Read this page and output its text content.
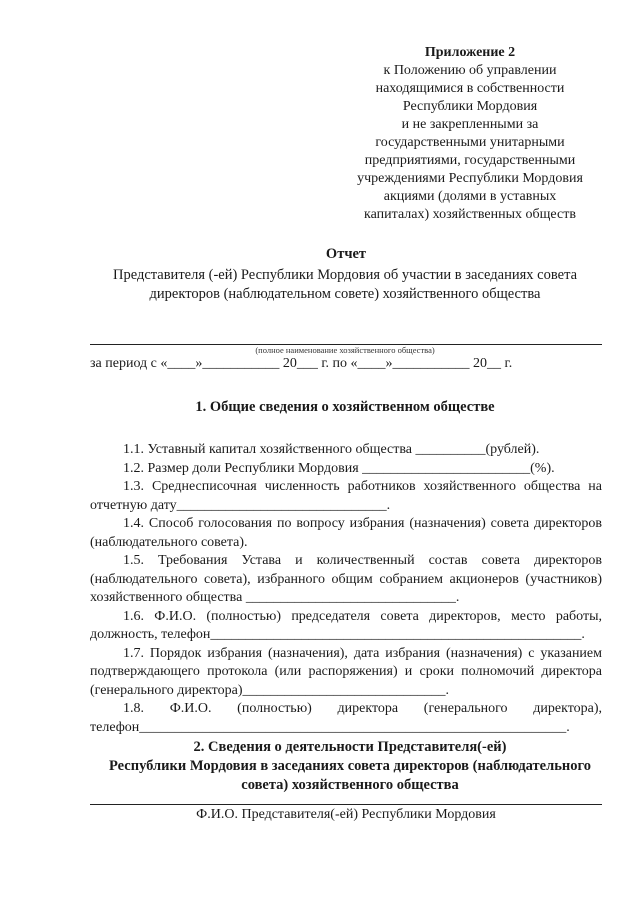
Приложение 2
к Положению об управлении
находящимися в собственности
Республики Мордовия
и не закрепленными за
государственными унитарными
предприятиями, государственными
учреждениями Республики Мордовия
акциями (долями в уставных
капиталах) хозяйственных обществ
Отчет
Представителя (-ей) Республики Мордовия об участии в заседаниях совета
директоров (наблюдательном совете) хозяйственного общества
(полное наименование хозяйственного общества)
за период с «____»___________ 20___ г. по «____»___________ 20__ г.
1. Общие сведения о хозяйственном обществе

1.1. Уставный капитал хозяйственного общества __________(рублей).

1.2. Размер доли Республики Мордовия ________________________(%).

1.3. Среднесписочная численность работников хозяйственного общества на отчетную дату______________________________.

1.4. Способ голосования по вопросу избрания (назначения) совета директоров (наблюдательного совета).

1.5. Требования Устава и количественный состав совета директоров (наблюдательного совета), избранного общим собранием акционеров (участников) хозяйственного общества ______________________________.

1.6. Ф.И.О. (полностью) председателя совета директоров, место работы, должность, телефон_____________________________________________________.

1.7. Порядок избрания (назначения), дата избрания (назначения) с указанием подтверждающего протокола (или распоряжения) и сроки полномочий директора (генерального директора)_____________________________.

1.8. Ф.И.О. (полностью) директора (генерального директора), телефон_____________________________________________________________.

2. Сведения о деятельности Представителя(-ей)
Республики Мордовия в заседаниях совета директоров (наблюдательного
совета) хозяйственного общества
Ф.И.О. Представителя(-ей) Республики Мордовия
